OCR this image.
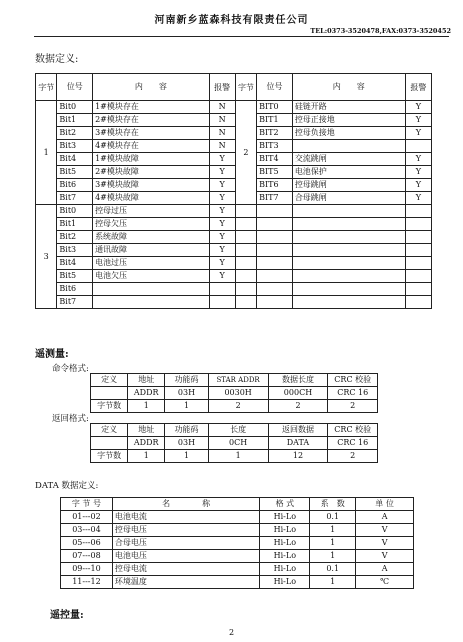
河南新乡蓝森科技有限责任公司
TEL:0373-3520478,FAX:0373-3520452
数据定义:
字节	位号	内　　容	报警	字节	位号	内　　容	报警
1	Bit0	1#模块存在	N	2	BIT0	硅链开路	Y
	Bit1	2#模块存在	N		BIT1	控母正接地	Y
	Bit2	3#模块存在	N		BIT2	控母负接地	Y
	Bit3	4#模块存在	N		BIT3		
	Bit4	1#模块故障	Y		BIT4	交流跳闸	Y
	Bit5	2#模块故障	Y		BIT5	电池保护	Y
	Bit6	3#模块故障	Y		BIT6	控母跳闸	Y
	Bit7	4#模块故障	Y		BIT7	合母跳闸	Y
3	Bit0	控母过压	Y				
	Bit1	控母欠压	Y				
	Bit2	系统故障	Y				
	Bit3	通讯故障	Y				
	Bit4	电池过压	Y				
	Bit5	电池欠压	Y				
	Bit6						
	Bit7						
遥测量:
命令格式:
定义	地址	功能码	STAR ADDR	数据长度	CRC 校验
	ADDR	03H	0030H	000CH	CRC 16
字节数	1	1	2	2	2
返回格式:
定义	地址	功能码	长度	返回数据	CRC 校验
	ADDR	03H	0CH	DATA	CRC 16
字节数	1	1	1	12	2
DATA 数据定义:
字 节 号	名　　　　称	格 式	系　数	单 位
01---02	电池电流	Hi-Lo	0.1	A
03---04	控母电压	Hi-Lo	1	V
05---06	合母电压	Hi-Lo	1	V
07---08	电池电压	Hi-Lo	1	V
09---10	控母电流	Hi-Lo	0.1	A
11---12	环境温度	Hi-Lo	1	℃
遥控量:
2
